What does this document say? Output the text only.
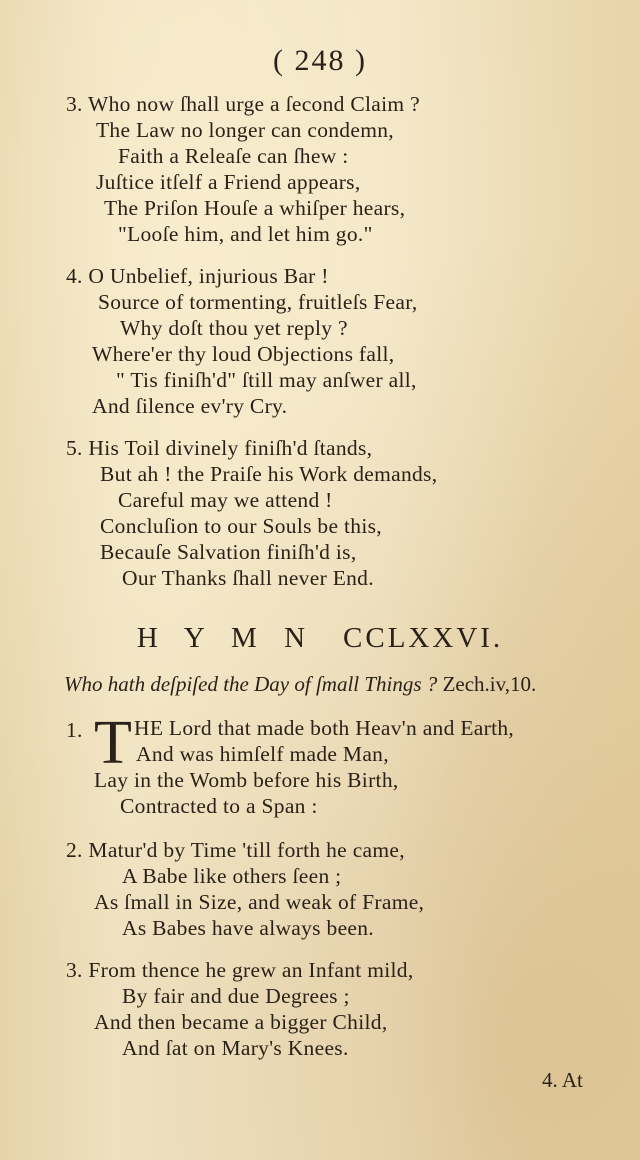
( 248 )
3. Who now ſhall urge a ſecond Claim ?
The Law no longer can condemn,
Faith a Releaſe can ſhew :
Juſtice itſelf a Friend appears,
The Priſon Houſe a whiſper hears,
"Looſe him, and let him go."
4. O Unbelief, injurious Bar !
Source of tormenting, fruitleſs Fear,
Why doſt thou yet reply ?
Where'er thy loud Objections fall,
" Tis finiſh'd" ſtill may anſwer all,
And ſilence ev'ry Cry.
5. His Toil divinely finiſh'd ſtands,
But ah ! the Praiſe his Work demands,
Careful may we attend !
Concluſion to our Souls be this,
Becauſe Salvation finiſh'd is,
Our Thanks ſhall never End.
H Y M N CCLXXVI.
Who hath deſpiſed the Day of ſmall Things ? Zech.iv,10.
1. T HE Lord that made both Heav'n and Earth,
And was himſelf made Man,
Lay in the Womb before his Birth,
Contracted to a Span :
2. Matur'd by Time 'till forth he came,
A Babe like others ſeen ;
As ſmall in Size, and weak of Frame,
As Babes have always been.
3. From thence he grew an Infant mild,
By fair and due Degrees ;
And then became a bigger Child,
And ſat on Mary's Knees.
4. At
